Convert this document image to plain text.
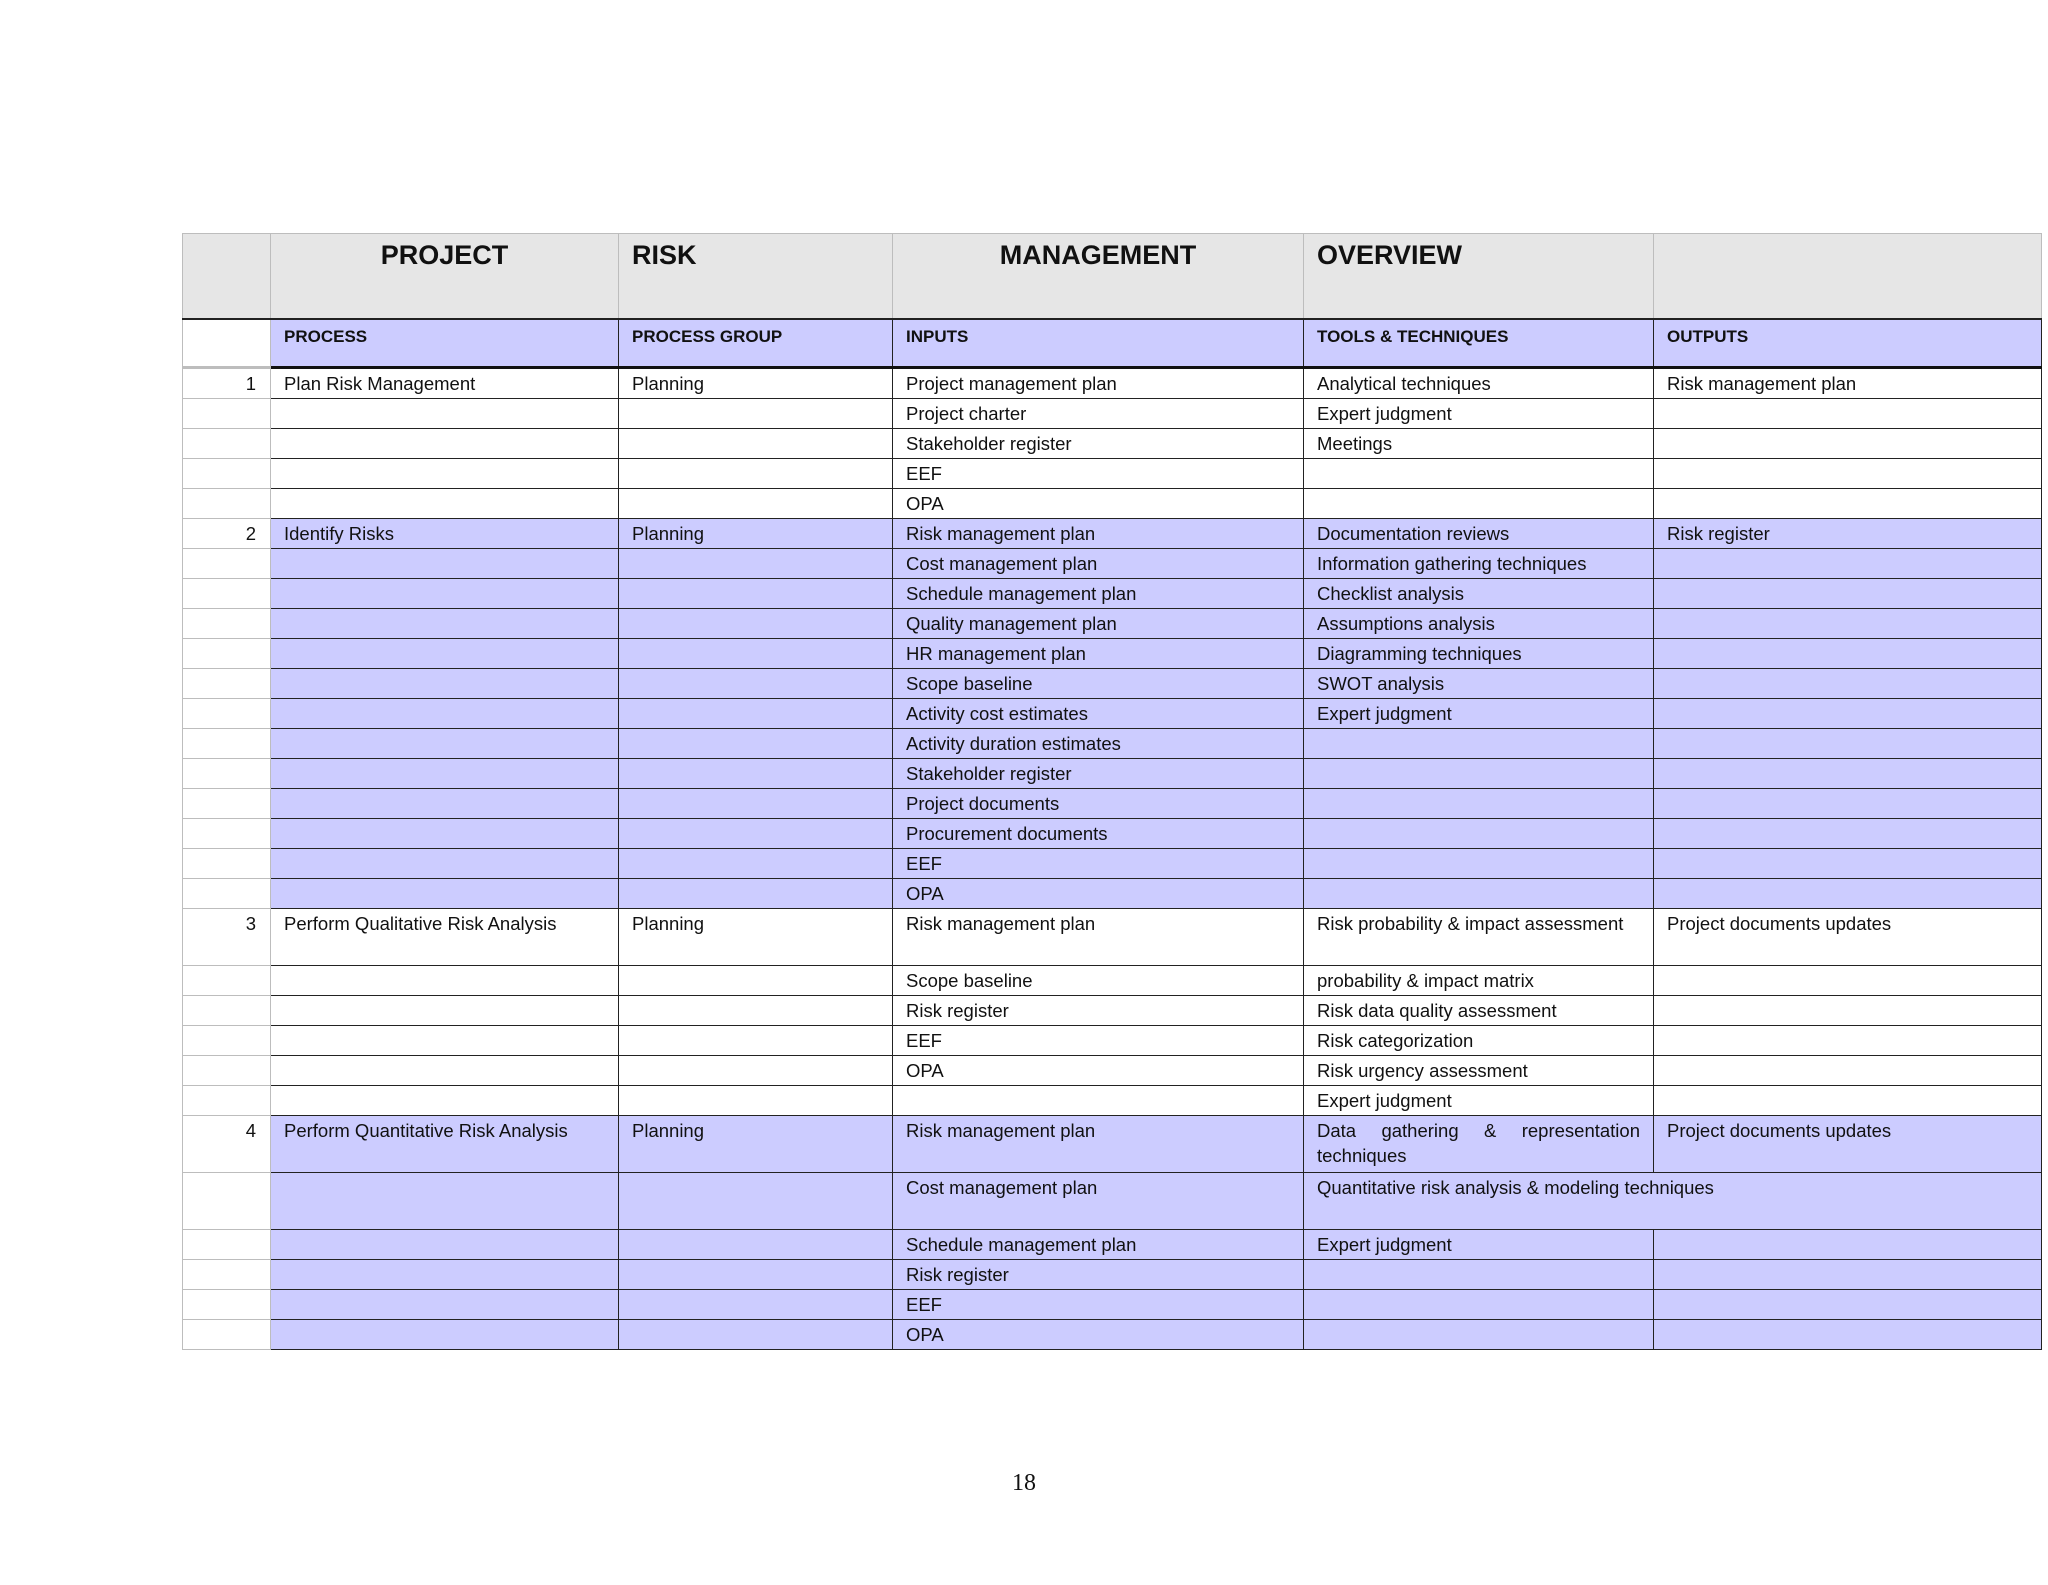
	PROJECT	RISK	MANAGEMENT	OVERVIEW	
	PROCESS	PROCESS GROUP	INPUTS	TOOLS & TECHNIQUES	OUTPUTS
1	Plan Risk Management	Planning	Project management plan	Analytical techniques	Risk management plan
			Project charter	Expert judgment	
			Stakeholder register	Meetings	
			EEF		
			OPA		
2	Identify Risks	Planning	Risk management plan	Documentation reviews	Risk register
			Cost management plan	Information gathering techniques	
			Schedule management plan	Checklist analysis	
			Quality management plan	Assumptions analysis	
			HR management plan	Diagramming techniques	
			Scope baseline	SWOT analysis	
			Activity cost estimates	Expert judgment	
			Activity duration estimates		
			Stakeholder register		
			Project documents		
			Procurement documents		
			EEF		
			OPA		
3	Perform Qualitative Risk Analysis	Planning	Risk management plan	Risk probability & impact assessment	Project documents updates
			Scope baseline	probability & impact matrix	
			Risk register	Risk data quality assessment	
			EEF	Risk categorization	
			OPA	Risk urgency assessment	
				Expert judgment	
4	Perform Quantitative Risk Analysis	Planning	Risk management plan	Data gathering & representation techniques	Project documents updates
			Cost management plan	Quantitative risk analysis & modeling techniques	
			Schedule management plan	Expert judgment	
			Risk register		
			EEF		
			OPA		
18
